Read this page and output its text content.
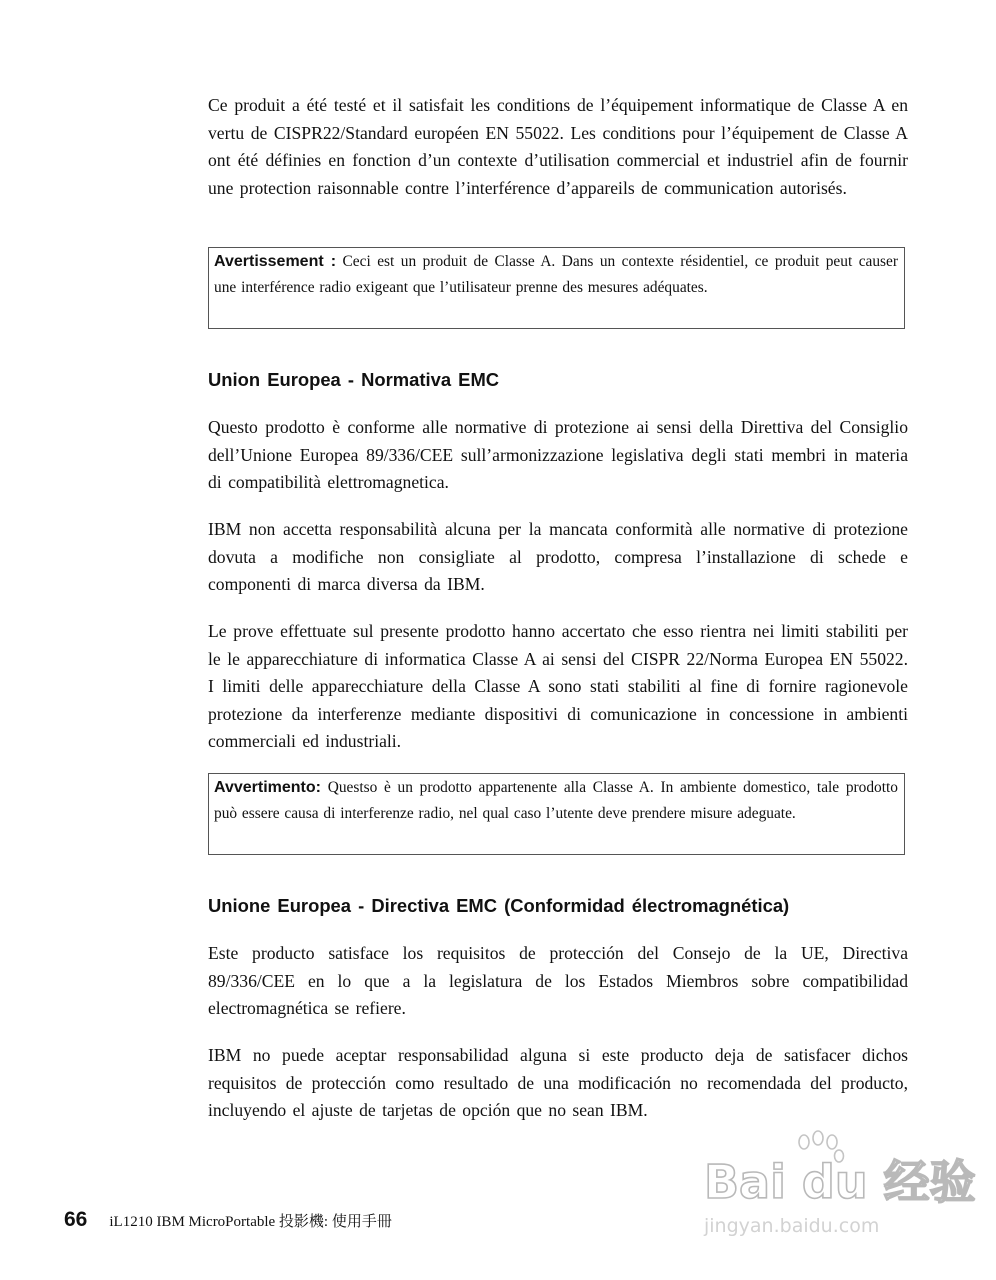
Ce produit a été testé et il satisfait les conditions de l’équipement informatique de Classe A en vertu de CISPR22/Standard européen EN 55022. Les conditions pour l’équipement de Classe A ont été définies en fonction d’un contexte d’utilisation commercial et industriel afin de fournir une protection raisonnable contre l’interférence d’appareils de communication autorisés.

Avertissement : Ceci est un produit de Classe A. Dans un contexte résidentiel, ce produit peut causer une interférence radio exigeant que l’utilisateur prenne des mesures adéquates.
Union Europea - Normativa EMC

Questo prodotto è conforme alle normative di protezione ai sensi della Direttiva del Consiglio dell’Unione Europea 89/336/CEE sull’armonizzazione legislativa degli stati membri in materia di compatibilità elettromagnetica.

IBM non accetta responsabilità alcuna per la mancata conformità alle normative di protezione dovuta a modifiche non consigliate al prodotto, compresa l’installazione di schede e componenti di marca diversa da IBM.

Le prove effettuate sul presente prodotto hanno accertato che esso rientra nei limiti stabiliti per le le apparecchiature di informatica Classe A ai sensi del CISPR 22/Norma Europea EN 55022. I limiti delle apparecchiature della Classe A sono stati stabiliti al fine di fornire ragionevole protezione da interferenze mediante dispositivi di comunicazione in concessione in ambienti commerciali ed industriali.

Avvertimento: Questso è un prodotto appartenente alla Classe A. In ambiente domestico, tale prodotto può essere causa di interferenze radio, nel qual caso l’utente deve prendere misure adeguate.
Unione Europea - Directiva EMC (Conformidad électromagnética)

Este producto satisface los requisitos de protección del Consejo de la UE, Directiva 89/336/CEE en lo que a la legislatura de los Estados Miembros sobre compatibilidad electromagnética se refiere.

IBM no puede aceptar responsabilidad alguna si este producto deja de satisfacer dichos requisitos de protección como resultado de una modificación no recomendada del producto, incluyendo el ajuste de tarjetas de opción que no sean IBM.

66 iL1210 IBM MicroPortable 投影機: 使用手冊
Bai du 经验
jingyan.baidu.com
